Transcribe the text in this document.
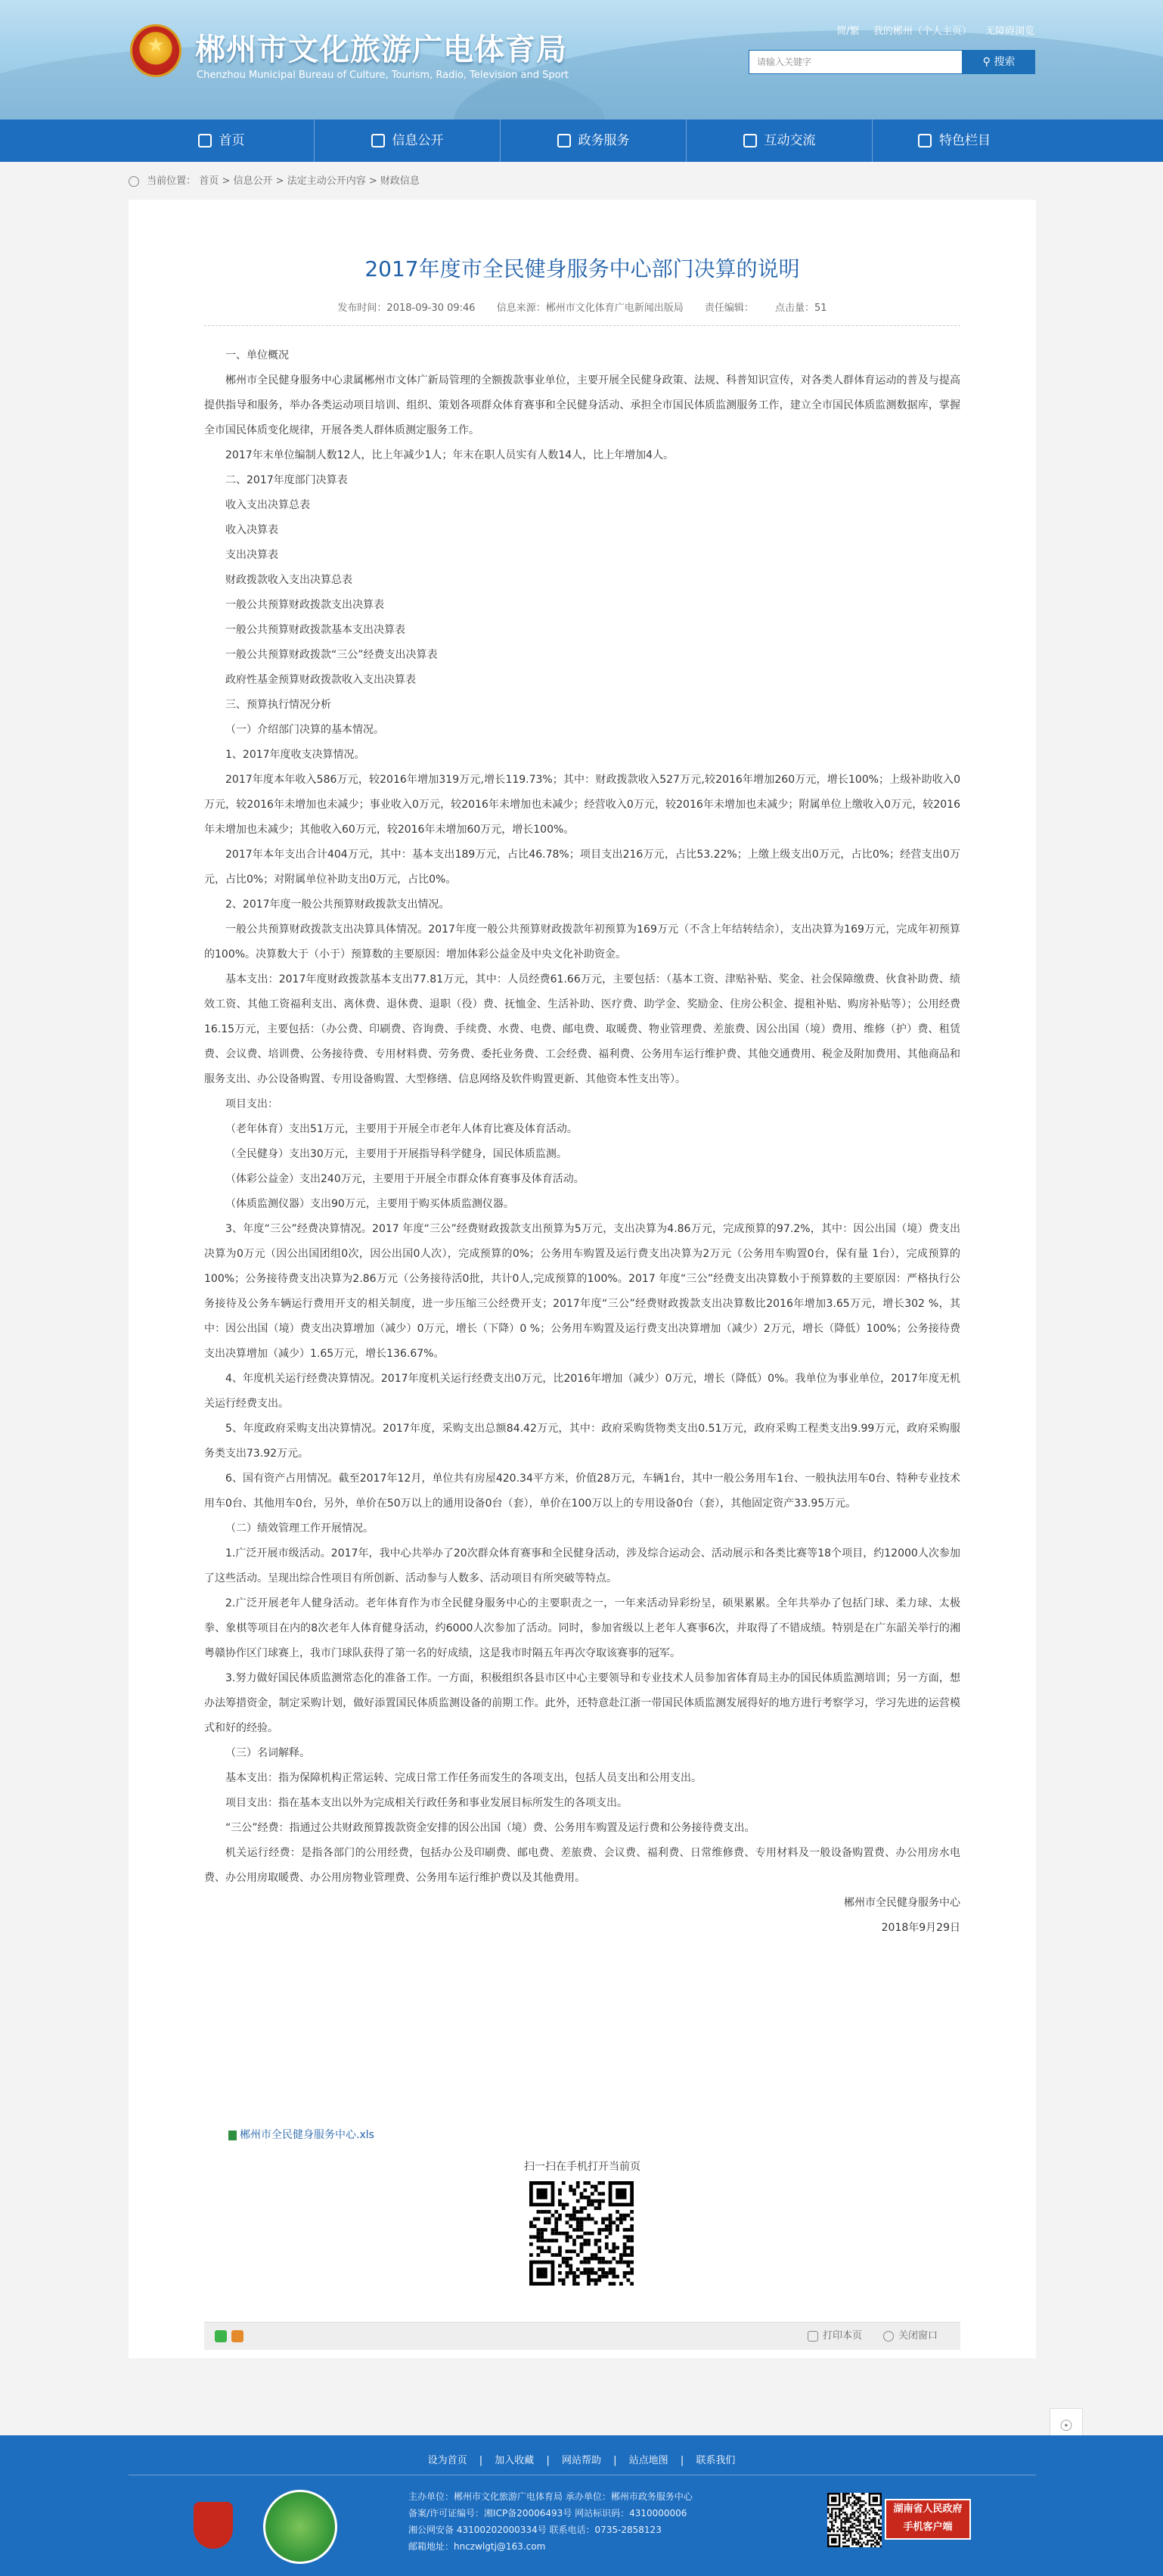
★
郴州市文化旅游广电体育局
Chenzhou Municipal Bureau of Culture, Tourism, Radio, Television and Sport
简/繁 我的郴州（个人主页） 无障碍浏览
请输入关键字	⚲ 搜索
首页	信息公开	政务服务	互动交流	特色栏目
当前位置： 首页 > 信息公开 > 法定主动公开内容 > 财政信息
2017年度市全民健身服务中心部门决算的说明
发布时间：2018-09-30 09:46 信息来源：郴州市文化体育广电新闻出版局 责任编辑： 点击量：51

一、单位概况

郴州市全民健身服务中心隶属郴州市文体广新局管理的全额拨款事业单位，主要开展全民健身政策、法规、科普知识宣传，对各类人群体育运动的普及与提高提供指导和服务，举办各类运动项目培训、组织、策划各项群众体育赛事和全民健身活动、承担全市国民体质监测服务工作，建立全市国民体质监测数据库，掌握全市国民体质变化规律，开展各类人群体质测定服务工作。

2017年末单位编制人数12人，比上年减少1人；年末在职人员实有人数14人，比上年增加4人。

二、2017年度部门决算表

收入支出决算总表

收入决算表

支出决算表

财政拨款收入支出决算总表

一般公共预算财政拨款支出决算表

一般公共预算财政拨款基本支出决算表

一般公共预算财政拨款“三公”经费支出决算表

政府性基金预算财政拨款收入支出决算表

三、预算执行情况分析

（一）介绍部门决算的基本情况。

1、2017年度收支决算情况。

2017年度本年收入586万元，较2016年增加319万元,增长119.73%；其中：财政拨款收入527万元,较2016年增加260万元，增长100%；上级补助收入0万元，较2016年未增加也未减少；事业收入0万元，较2016年未增加也未减少；经营收入0万元，较2016年未增加也未减少；附属单位上缴收入0万元，较2016年未增加也未减少；其他收入60万元，较2016年未增加60万元，增长100%。

2017年本年支出合计404万元，其中：基本支出189万元，占比46.78%；项目支出216万元，占比53.22%；上缴上级支出0万元，占比0%；经营支出0万元，占比0%；对附属单位补助支出0万元，占比0%。

2、2017年度一般公共预算财政拨款支出情况。

一般公共预算财政拨款支出决算具体情况。2017年度一般公共预算财政拨款年初预算为169万元（不含上年结转结余），支出决算为169万元，完成年初预算的100%。决算数大于（小于）预算数的主要原因：增加体彩公益金及中央文化补助资金。

基本支出：2017年度财政拨款基本支出77.81万元，其中：人员经费61.66万元，主要包括：（基本工资、津贴补贴、奖金、社会保障缴费、伙食补助费、绩效工资、其他工资福利支出、离休费、退休费、退职（役）费、抚恤金、生活补助、医疗费、助学金、奖励金、住房公积金、提租补贴、购房补贴等）；公用经费16.15万元，主要包括：（办公费、印刷费、咨询费、手续费、水费、电费、邮电费、取暖费、物业管理费、差旅费、因公出国（境）费用、维修（护）费、租赁费、会议费、培训费、公务接待费、专用材料费、劳务费、委托业务费、工会经费、福利费、公务用车运行维护费、其他交通费用、税金及附加费用、其他商品和服务支出、办公设备购置、专用设备购置、大型修缮、信息网络及软件购置更新、其他资本性支出等）。

项目支出：

（老年体育）支出51万元，主要用于开展全市老年人体育比赛及体育活动。

（全民健身）支出30万元，主要用于开展指导科学健身，国民体质监测。

（体彩公益金）支出240万元，主要用于开展全市群众体育赛事及体育活动。

（体质监测仪器）支出90万元，主要用于购买体质监测仪器。

3、年度“三公”经费决算情况。2017 年度“三公”经费财政拨款支出预算为5万元，支出决算为4.86万元，完成预算的97.2%，其中：因公出国（境）费支出决算为0万元（因公出国团组0次，因公出国0人次），完成预算的0%；公务用车购置及运行费支出决算为2万元（公务用车购置0台，保有量 1台），完成预算的100%；公务接待费支出决算为2.86万元（公务接待活0批，共计0人,完成预算的100%。2017 年度“三公”经费支出决算数小于预算数的主要原因：严格执行公务接待及公务车辆运行费用开支的相关制度，进一步压缩三公经费开支；2017年度“三公”经费财政拨款支出决算数比2016年增加3.65万元，增长302 %，其中：因公出国（境）费支出决算增加（减少）0万元，增长（下降）0 %；公务用车购置及运行费支出决算增加（减少）2万元，增长（降低）100%；公务接待费支出决算增加（减少）1.65万元，增长136.67%。

4、年度机关运行经费决算情况。2017年度机关运行经费支出0万元，比2016年增加（减少）0万元，增长（降低）0%。我单位为事业单位，2017年度无机关运行经费支出。

5、年度政府采购支出决算情况。2017年度，采购支出总额84.42万元，其中：政府采购货物类支出0.51万元，政府采购工程类支出9.99万元，政府采购服务类支出73.92万元。

6、国有资产占用情况。截至2017年12月，单位共有房屋420.34平方米，价值28万元，车辆1台，其中一般公务用车1台、一般执法用车0台、特种专业技术用车0台、其他用车0台，另外，单价在50万以上的通用设备0台（套），单价在100万以上的专用设备0台（套），其他固定资产33.95万元。

（二）绩效管理工作开展情况。

1.广泛开展市级活动。2017年，我中心共举办了20次群众体育赛事和全民健身活动，涉及综合运动会、活动展示和各类比赛等18个项目，约12000人次参加了这些活动。呈现出综合性项目有所创新、活动参与人数多、活动项目有所突破等特点。

2.广泛开展老年人健身活动。老年体育作为市全民健身服务中心的主要职责之一，一年来活动异彩纷呈，硕果累累。全年共举办了包括门球、柔力球、太极拳、象棋等项目在内的8次老年人体育健身活动，约6000人次参加了活动。同时，参加省级以上老年人赛事6次，并取得了不错成绩。特别是在广东韶关举行的湘粤赣协作区门球赛上，我市门球队获得了第一名的好成绩，这是我市时隔五年再次夺取该赛事的冠军。

3.努力做好国民体质监测常态化的准备工作。一方面，积极组织各县市区中心主要领导和专业技术人员参加省体育局主办的国民体质监测培训；另一方面，想办法筹措资金，制定采购计划，做好添置国民体质监测设备的前期工作。此外，还特意赴江浙一带国民体质监测发展得好的地方进行考察学习，学习先进的运营模式和好的经验。

（三）名词解释。

基本支出：指为保障机构正常运转、完成日常工作任务而发生的各项支出，包括人员支出和公用支出。

项目支出：指在基本支出以外为完成相关行政任务和事业发展目标所发生的各项支出。

“三公”经费：指通过公共财政预算拨款资金安排的因公出国（境）费、公务用车购置及运行费和公务接待费支出。

机关运行经费：是指各部门的公用经费，包括办公及印刷费、邮电费、差旅费、会议费、福利费、日常维修费、专用材料及一般设备购置费、办公用房水电费、办公用房取暖费、办公用房物业管理费、公务用车运行维护费以及其他费用。

郴州市全民健身服务中心

2018年9月29日

郴州市全民健身服务中心.xls
扫一扫在手机打开当前页
打印本页	关闭窗口
☉
设为首页 | 加入收藏 | 网站帮助 | 站点地图 | 联系我们
主办单位：郴州市文化旅游广电体育局 承办单位：郴州市政务服务中心
备案/许可证编号：湘ICP备20006493号 网站标识码：4310000006
湘公网安备 43100202000334号 联系电话：0735-2858123
邮箱地址：hnczwlgtj@163.com
湖南省人民政府
手机客户端
